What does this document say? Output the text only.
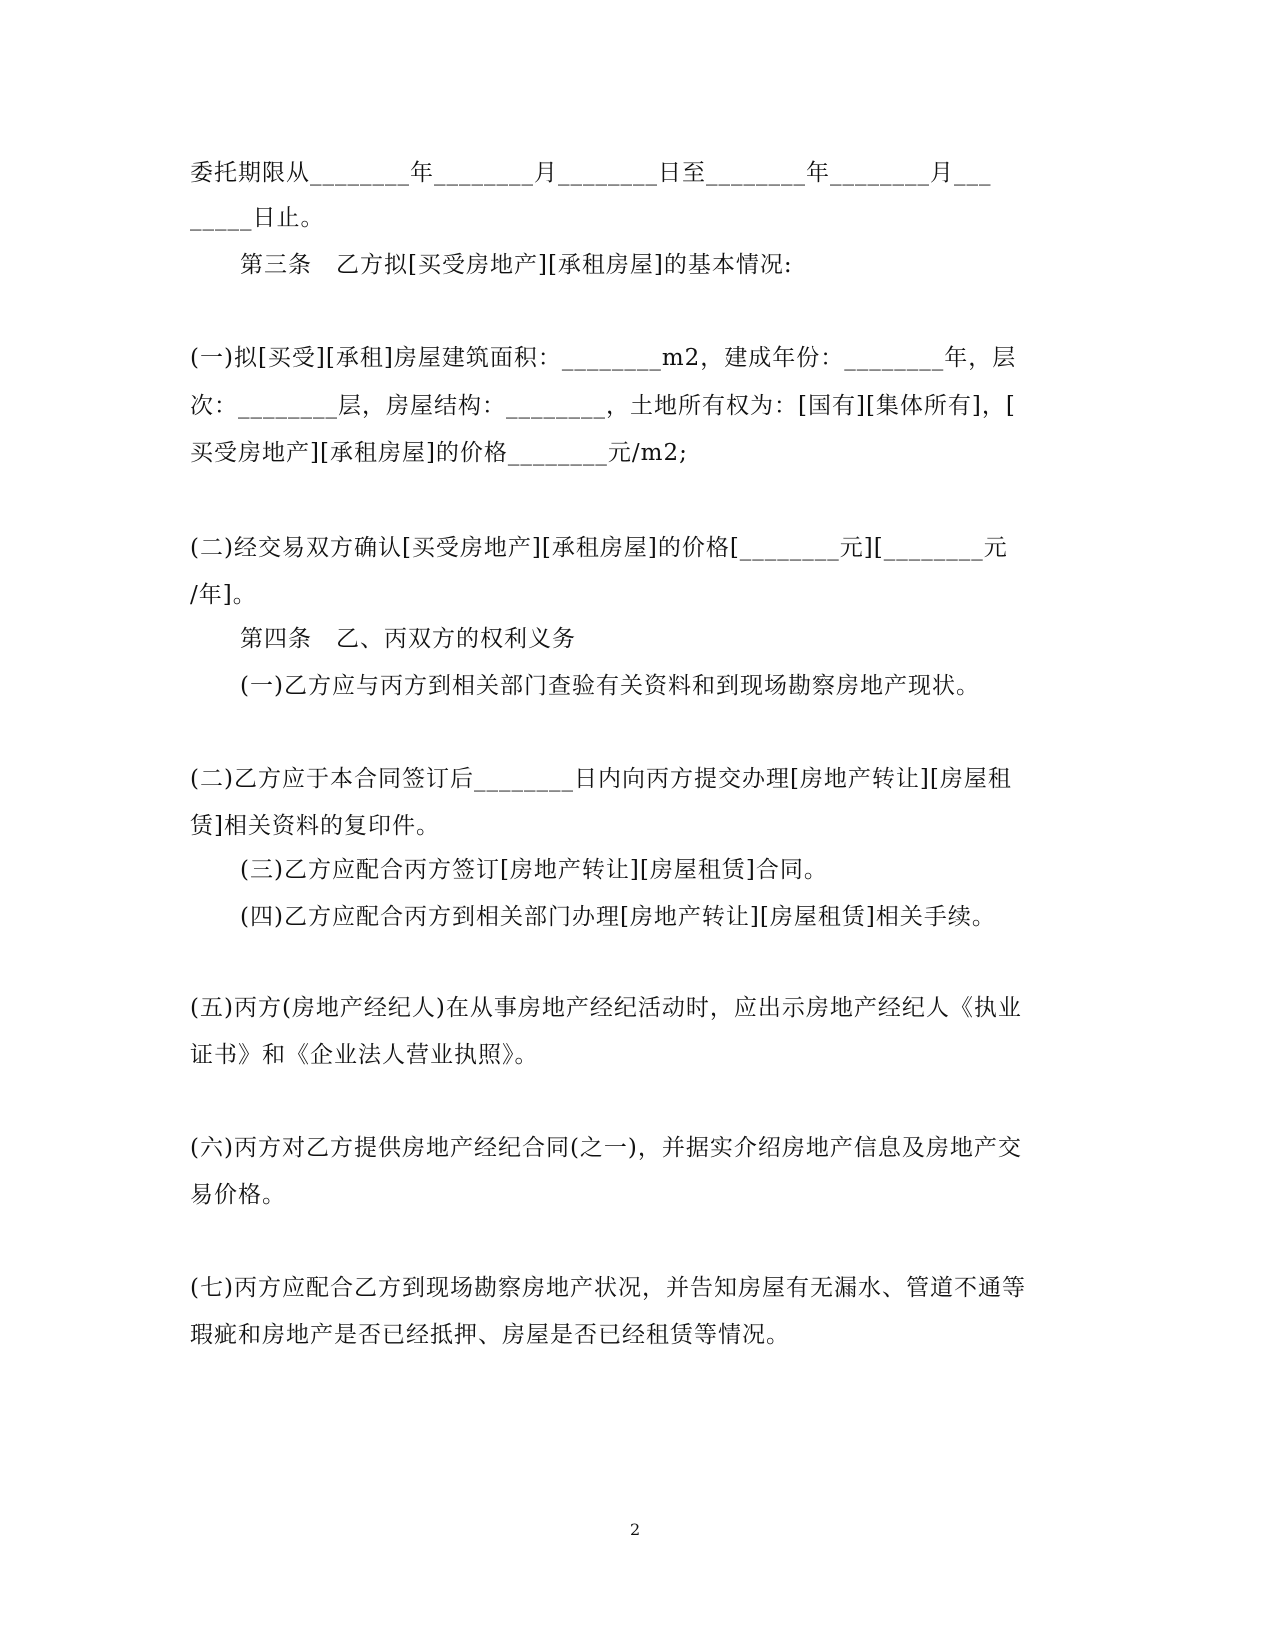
委托期限从________年________月________日至________年________月___
_____日止。
第三条　乙方拟[买受房地产][承租房屋]的基本情况:
(一)拟[买受][承租]房屋建筑面积：________m2，建成年份：________年，层
次：________层，房屋结构：________，土地所有权为：[国有][集体所有]，[
买受房地产][承租房屋]的价格________元/m2;
(二)经交易双方确认[买受房地产][承租房屋]的价格[________元][________元
/年]。
第四条　乙、丙双方的权利义务
(一)乙方应与丙方到相关部门查验有关资料和到现场勘察房地产现状。
(二)乙方应于本合同签订后________日内向丙方提交办理[房地产转让][房屋租
赁]相关资料的复印件。
(三)乙方应配合丙方签订[房地产转让][房屋租赁]合同。
(四)乙方应配合丙方到相关部门办理[房地产转让][房屋租赁]相关手续。
(五)丙方(房地产经纪人)在从事房地产经纪活动时，应出示房地产经纪人《执业
证书》和《企业法人营业执照》。
(六)丙方对乙方提供房地产经纪合同(之一)，并据实介绍房地产信息及房地产交
易价格。
(七)丙方应配合乙方到现场勘察房地产状况，并告知房屋有无漏水、管道不通等
瑕疵和房地产是否已经抵押、房屋是否已经租赁等情况。
2
